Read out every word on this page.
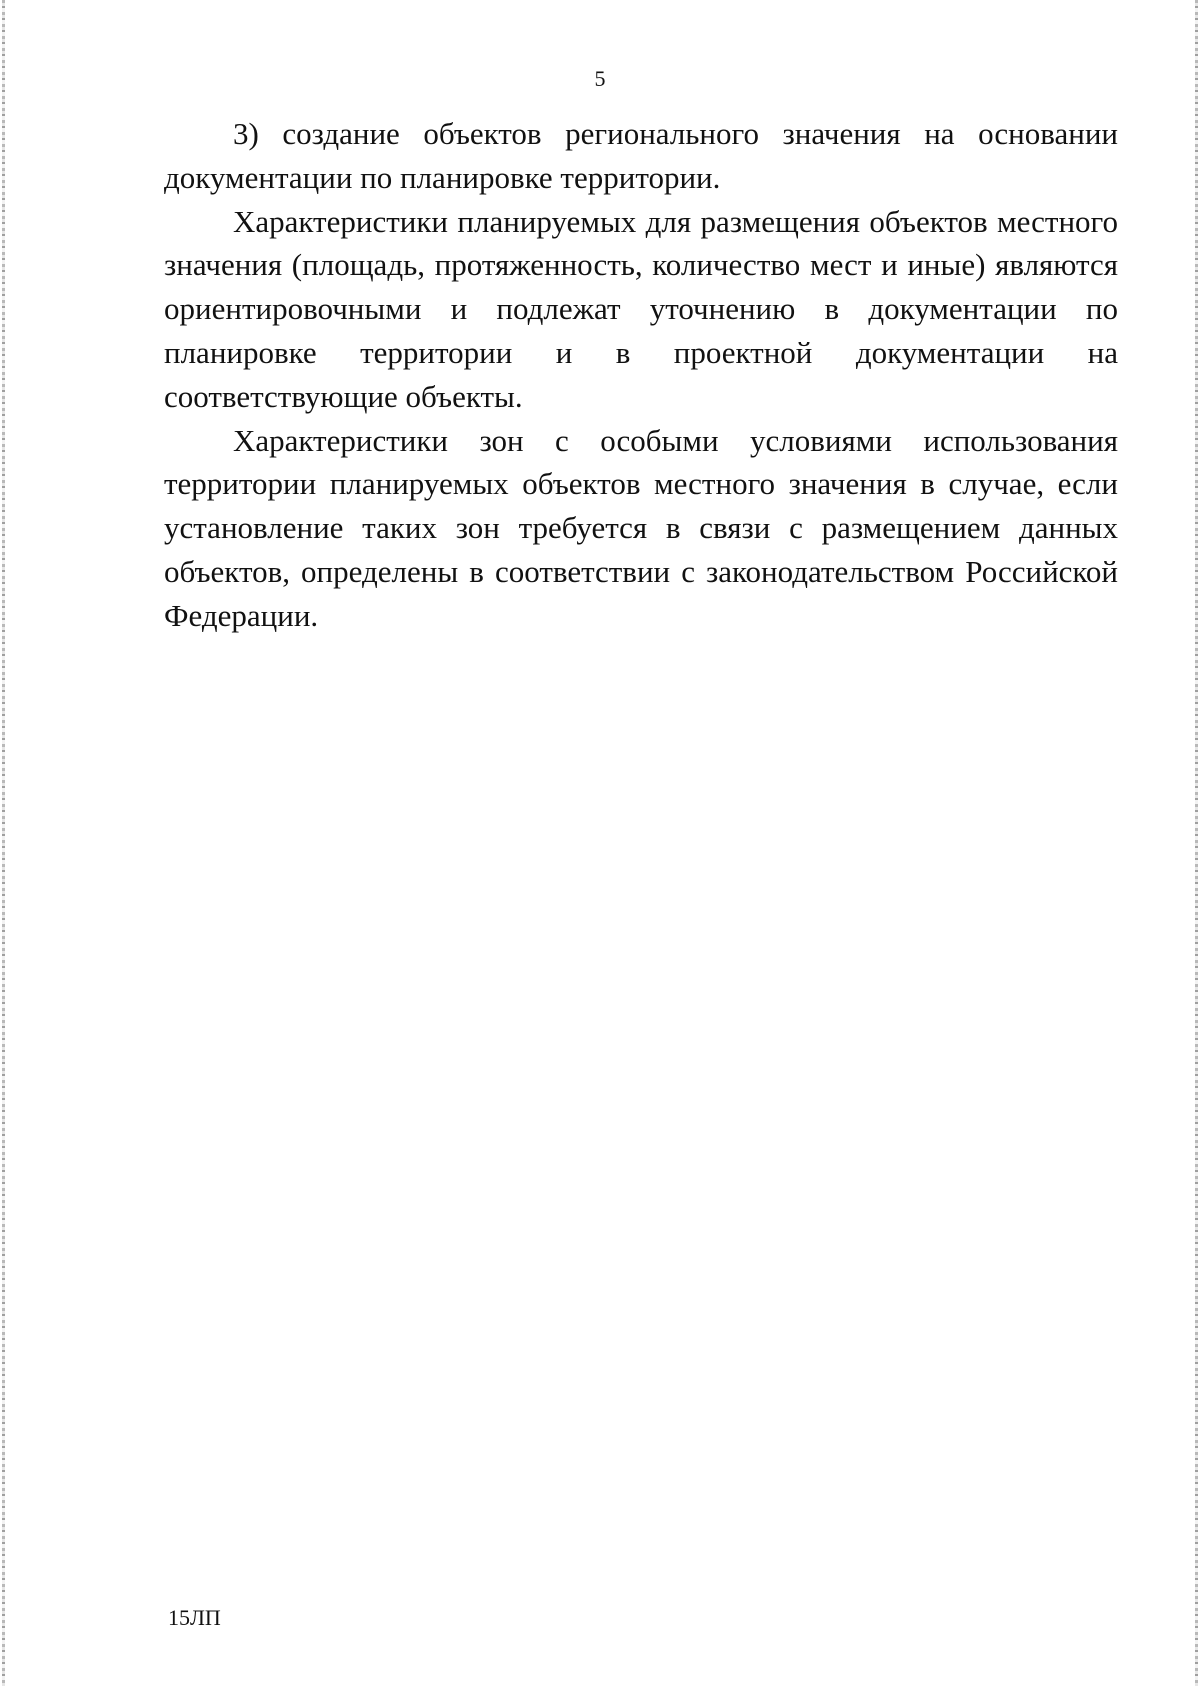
5

3) создание объектов регионального значения на основании документации по планировке территории.

Характеристики планируемых для размещения объектов местного значения (площадь, протяженность, количество мест и иные) являются ориентировочными и подлежат уточнению в документации по планировке территории и в проектной документации на соответствующие объекты.

Характеристики зон с особыми условиями использования территории планируемых объектов местного значения в случае, если установление таких зон требуется в связи с размещением данных объектов, определены в соответствии с законодательством Российской Федерации.

15ЛП
